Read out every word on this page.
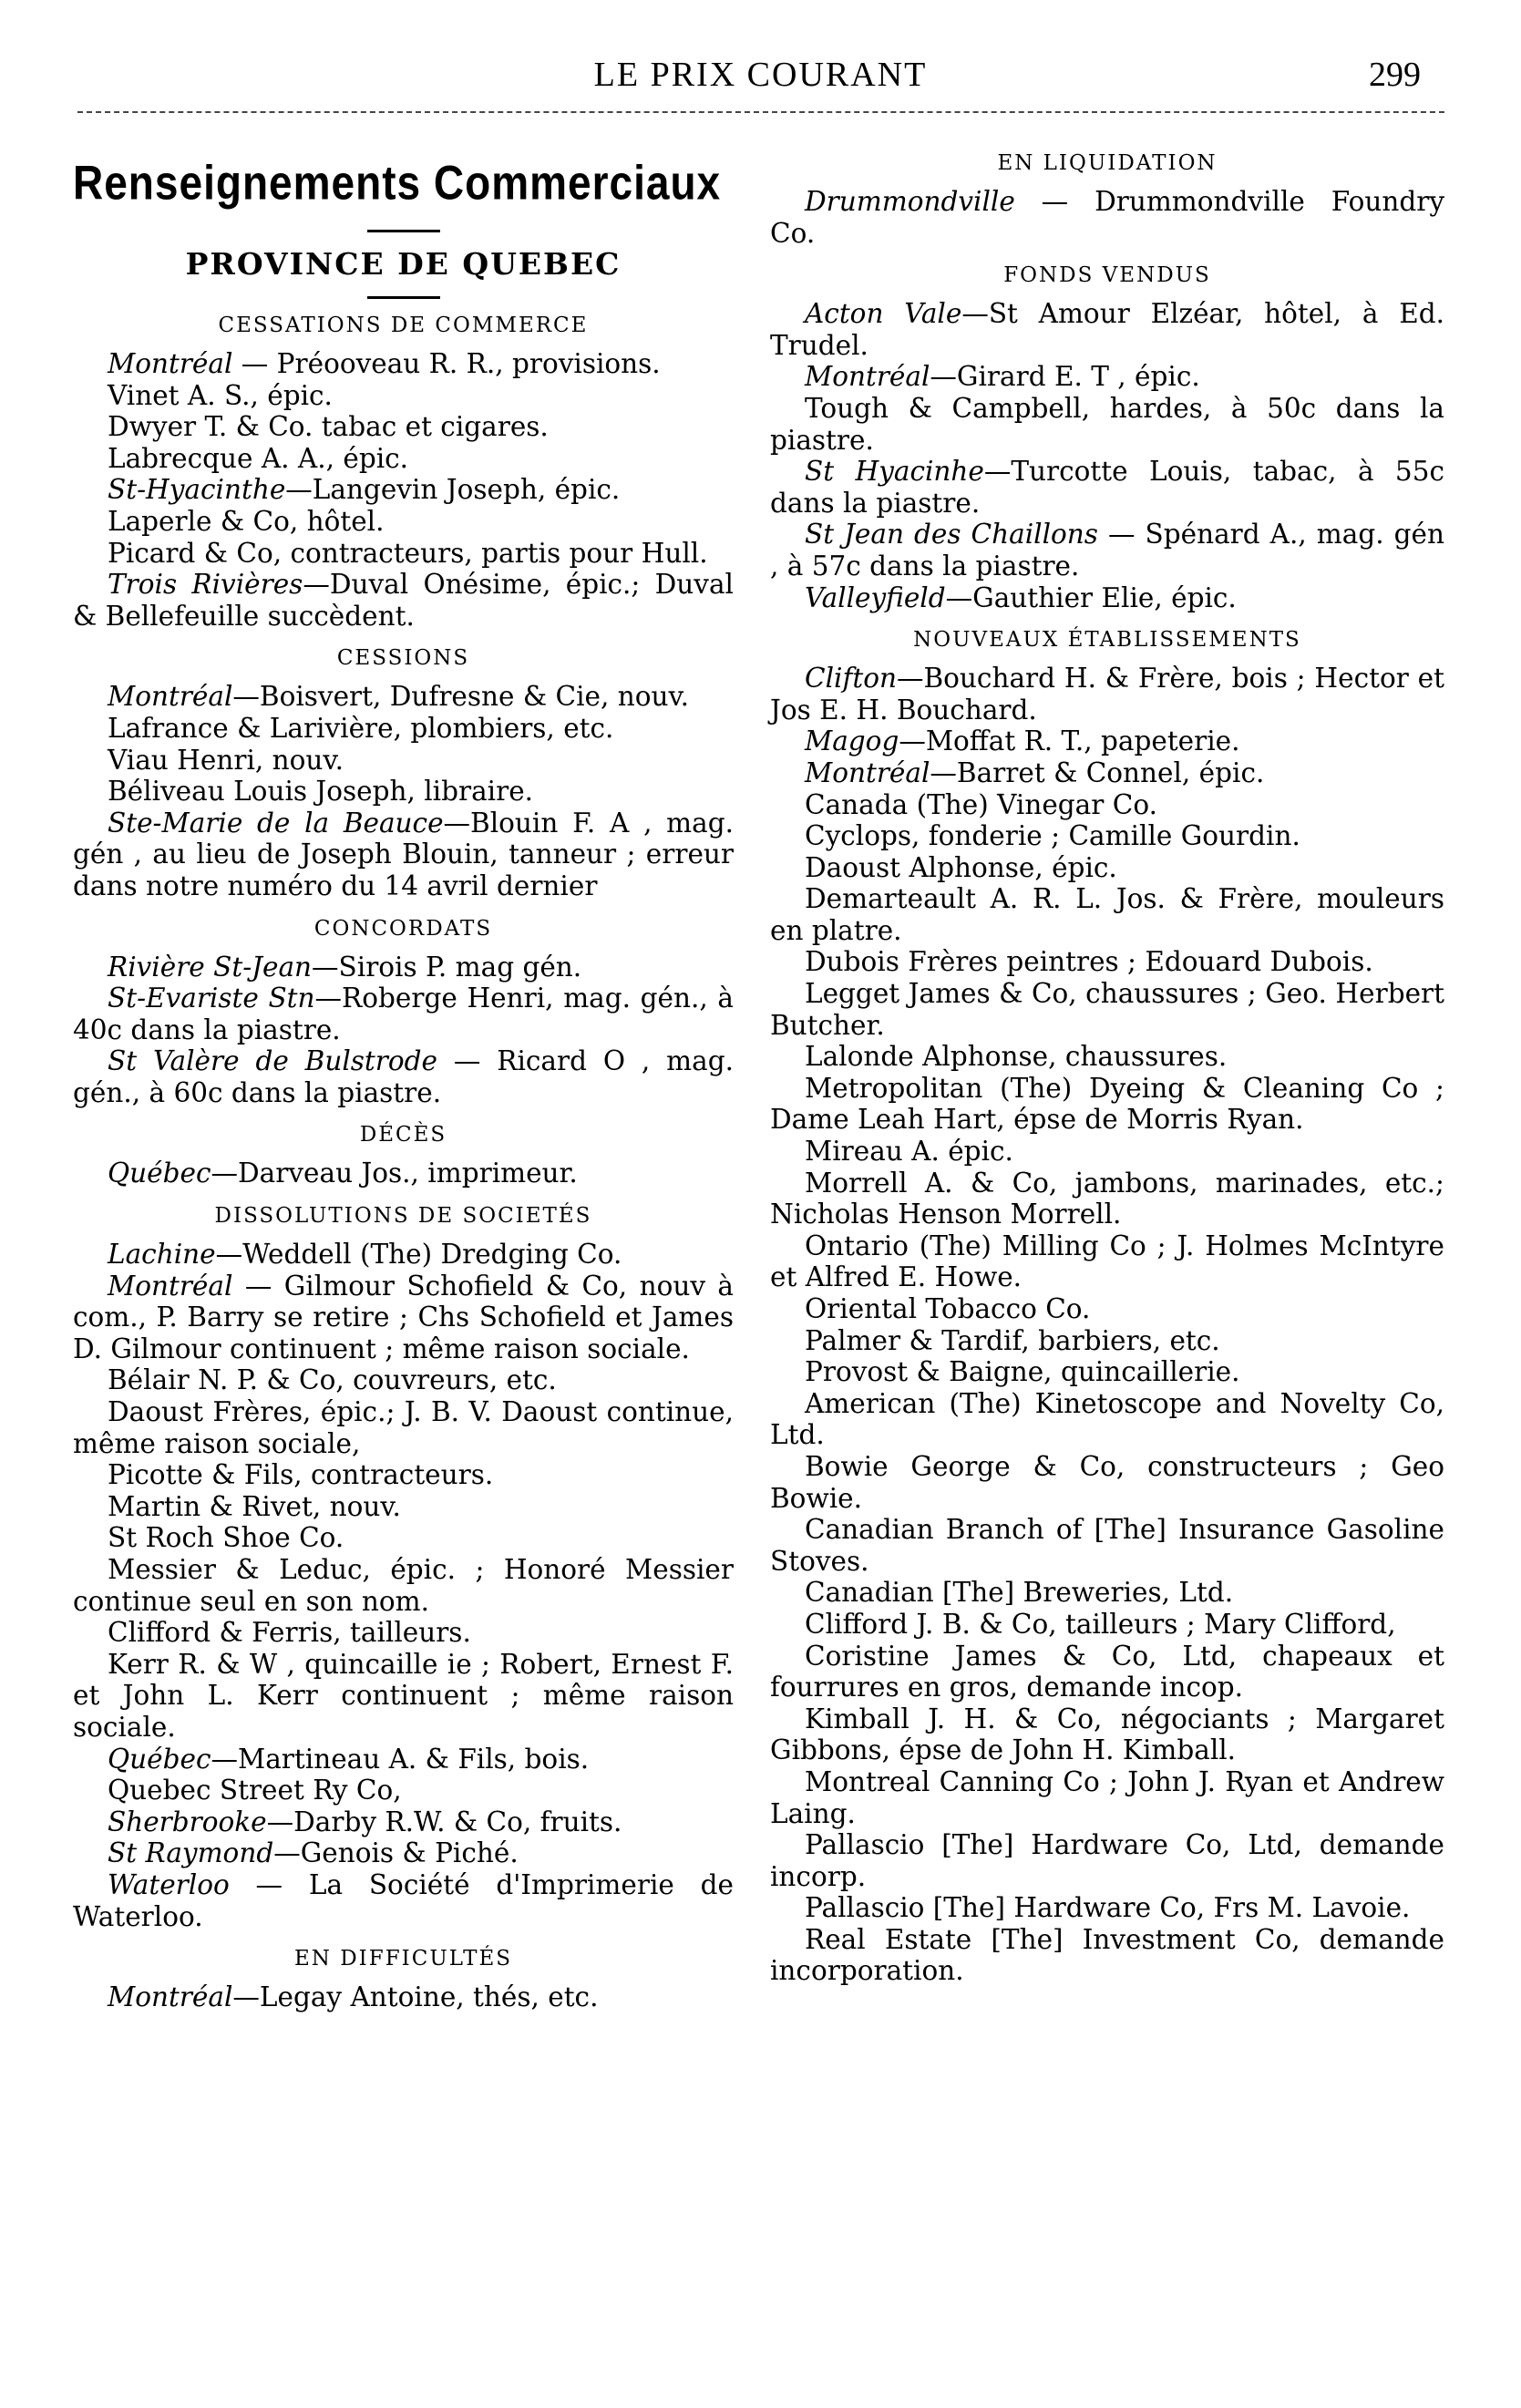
LE PRIX COURANT	299
Renseignements Commerciaux
PROVINCE DE QUEBEC
CESSATIONS DE COMMERCE

Montréal — Préooveau R. R., provisions.

Vinet A. S., épic.

Dwyer T. & Co. tabac et cigares.

Labrecque A. A., épic.

St-Hyacinthe—Langevin Joseph, épic.

Laperle & Co, hôtel.

Picard & Co, contracteurs, partis pour Hull.

Trois Rivières—Duval Onésime, épic.; Duval & Bellefeuille succèdent.

CESSIONS

Montréal—Boisvert, Dufresne & Cie, nouv.

Lafrance & Larivière, plombiers, etc.

Viau Henri, nouv.

Béliveau Louis Joseph, libraire.

Ste-Marie de la Beauce—Blouin F. A , mag. gén , au lieu de Joseph Blouin, tanneur ; erreur dans notre numéro du 14 avril dernier

CONCORDATS

Rivière St-Jean—Sirois P. mag gén.

St-Evariste Stn—Roberge Henri, mag. gén., à 40c dans la piastre.

St Valère de Bulstrode — Ricard O , mag. gén., à 60c dans la piastre.

DÉCÈS

Québec—Darveau Jos., imprimeur.

DISSOLUTIONS DE SOCIETÉS

Lachine—Weddell (The) Dredging Co.

Montréal — Gilmour Schofield & Co, nouv à com., P. Barry se retire ; Chs Schofield et James D. Gilmour continuent ; même raison sociale.

Bélair N. P. & Co, couvreurs, etc.

Daoust Frères, épic.; J. B. V. Daoust continue, même raison sociale,

Picotte & Fils, contracteurs.

Martin & Rivet, nouv.

St Roch Shoe Co.

Messier & Leduc, épic. ; Honoré Messier continue seul en son nom.

Clifford & Ferris, tailleurs.

Kerr R. & W , quincaille ie ; Robert, Ernest F. et John L. Kerr continuent ; même raison sociale.

Québec—Martineau A. & Fils, bois.

Quebec Street Ry Co,

Sherbrooke—Darby R.W. & Co, fruits.

St Raymond—Genois & Piché.

Waterloo — La Société d'Imprimerie de Waterloo.

EN DIFFICULTÉS

Montréal—Legay Antoine, thés, etc.

EN LIQUIDATION

Drummondville — Drummondville Foundry Co.

FONDS VENDUS

Acton Vale—St Amour Elzéar, hôtel, à Ed. Trudel.

Montréal—Girard E. T , épic.

Tough & Campbell, hardes, à 50c dans la piastre.

St Hyacinhe—Turcotte Louis, tabac, à 55c dans la piastre.

St Jean des Chaillons — Spénard A., mag. gén , à 57c dans la piastre.

Valleyfield—Gauthier Elie, épic.

NOUVEAUX ÉTABLISSEMENTS

Clifton—Bouchard H. & Frère, bois ; Hector et Jos E. H. Bouchard.

Magog—Moffat R. T., papeterie.

Montréal—Barret & Connel, épic.

Canada (The) Vinegar Co.

Cyclops, fonderie ; Camille Gourdin.

Daoust Alphonse, épic.

Demarteault A. R. L. Jos. & Frère, mouleurs en platre.

Dubois Frères peintres ; Edouard Dubois.

Legget James & Co, chaussures ; Geo. Herbert Butcher.

Lalonde Alphonse, chaussures.

Metropolitan (The) Dyeing & Cleaning Co ; Dame Leah Hart, épse de Morris Ryan.

Mireau A. épic.

Morrell A. & Co, jambons, marinades, etc.; Nicholas Henson Morrell.

Ontario (The) Milling Co ; J. Holmes McIntyre et Alfred E. Howe.

Oriental Tobacco Co.

Palmer & Tardif, barbiers, etc.

Provost & Baigne, quincaillerie.

American (The) Kinetoscope and Novelty Co, Ltd.

Bowie George & Co, constructeurs ; Geo Bowie.

Canadian Branch of [The] Insurance Gasoline Stoves.

Canadian [The] Breweries, Ltd.

Clifford J. B. & Co, tailleurs ; Mary Clifford,

Coristine James & Co, Ltd, chapeaux et fourrures en gros, demande incop.

Kimball J. H. & Co, négociants ; Margaret Gibbons, épse de John H. Kimball.

Montreal Canning Co ; John J. Ryan et Andrew Laing.

Pallascio [The] Hardware Co, Ltd, demande incorp.

Pallascio [The] Hardware Co, Frs M. Lavoie.

Real Estate [The] Investment Co, demande incorporation.
